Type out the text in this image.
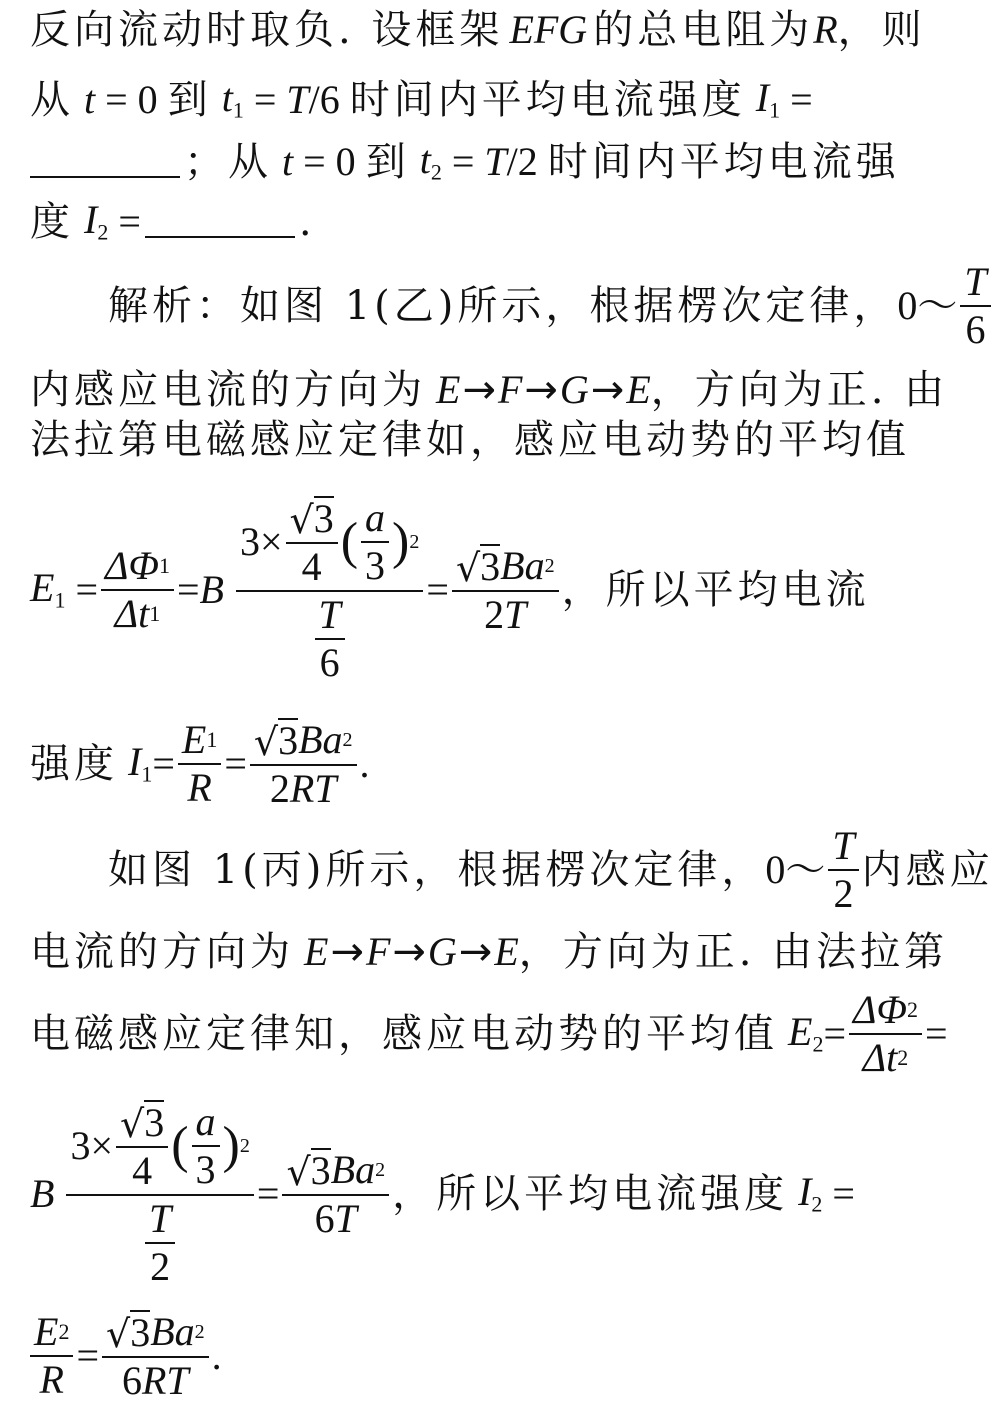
反向流动时取负. 设框架 EFG 的总电阻为 R ，则
从 t = 0 到 $t_1 = T/6$ 时间内平均电流强度 $I_1$ =
；从 t = 0 到 $t_2 = T/2$ 时间内平均电流强
度 $I_2$ =	.
解析：如图 1(乙)所示，根据楞次定律， 0～ $\frac{T}{6}$
内感应电流的方向为 E→F→G→E ，方向为正. 由
法拉第电磁感应定律如，感应电动势的平均值
$E_1 = \frac{\text{Δ Φ 1}}{\text{Δ t 1}} = B$
$3\times \frac{√ 3}{4}$ ( $\frac{a}{3}$ ) 2
$\frac{T}{6}$
= $\frac{√ 3 Ba 2}{2 T}$ ，所以平均电流
强度 $I_1 = \frac{E 1}{R} = \frac{√ 3 Ba 2}{2 RT}$ .
如图 1(丙)所示，根据楞次定律， 0～ $\frac{T}{2}$ 内感应
电流的方向为 E→F→G→E ，方向为正. 由法拉第
电磁感应定律知，感应电动势的平均值 $E_2 = \frac{\text{Δ Φ 2}}{\text{Δ t 2}}$ =
B
$3\times \frac{√ 3}{4}$ ( $\frac{a}{3}$ ) 2
$\frac{T}{2}$
= $\frac{√ 3 Ba 2}{6 T}$ ，所以平均电流强度 $I_2$ =
$\frac{E 2}{R} = \frac{√ 3 Ba 2}{6 RT}$ .
